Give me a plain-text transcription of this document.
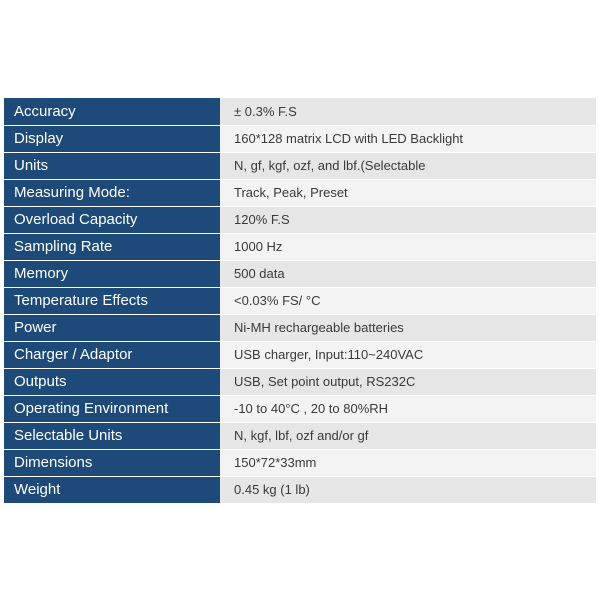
Accuracy	± 0.3% F.S
Display	160*128 matrix LCD with LED Backlight
Units	N, gf, kgf, ozf, and lbf.(Selectable
Measuring Mode:	Track, Peak, Preset
Overload Capacity	120% F.S
Sampling Rate	1000 Hz
Memory	500 data
Temperature Effects	<0.03% FS/ °C
Power	Ni-MH rechargeable batteries
Charger / Adaptor	USB charger, Input:110~240VAC
Outputs	USB, Set point output, RS232C
Operating Environment	-10 to 40°C , 20 to 80%RH
Selectable Units	N, kgf, lbf, ozf and/or gf
Dimensions	150*72*33mm
Weight	0.45 kg (1 lb)
